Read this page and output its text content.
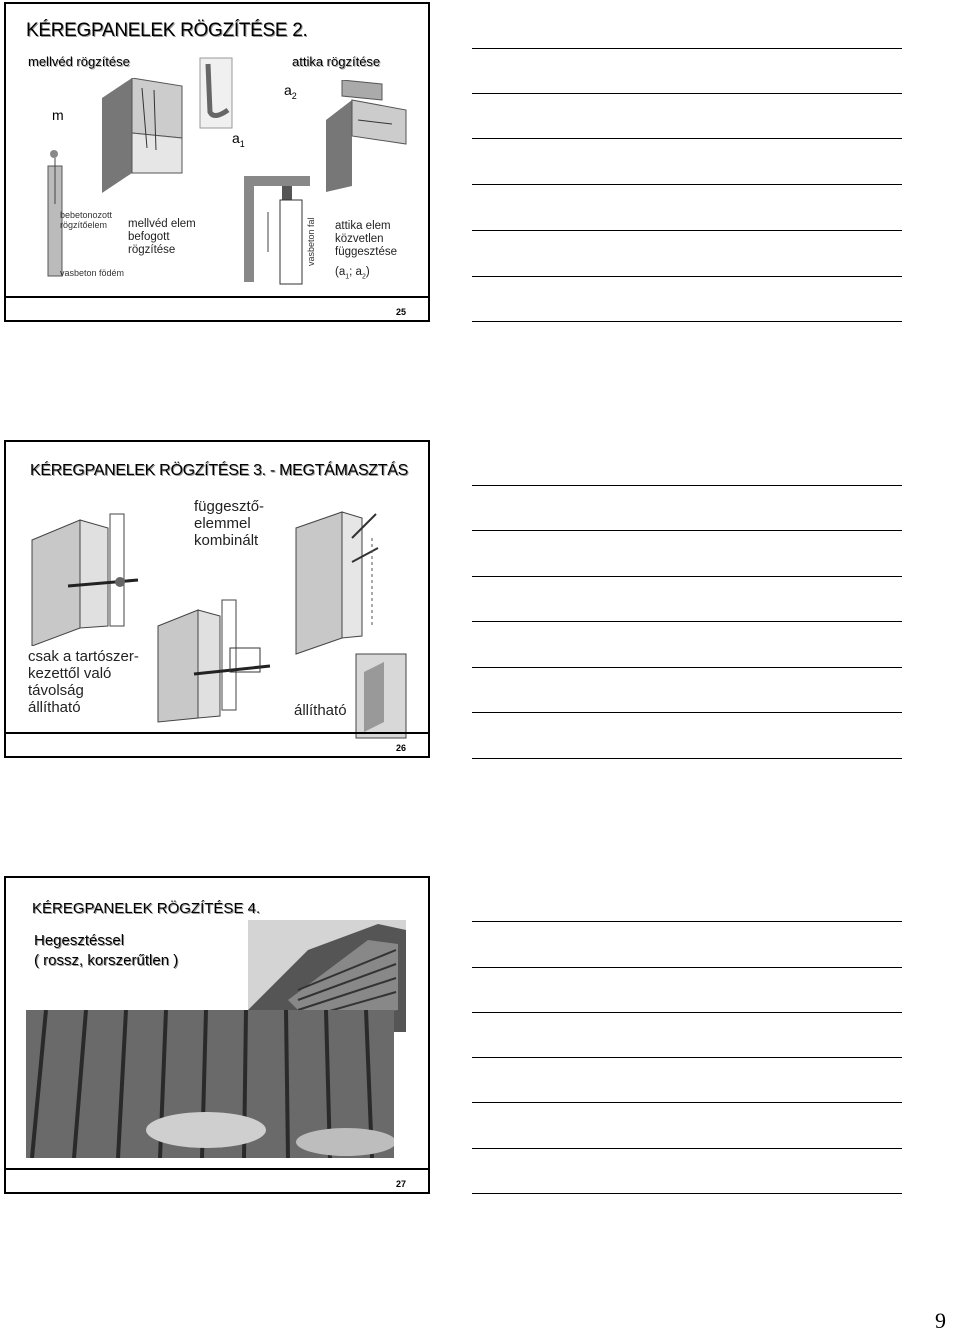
KÉREGPANELEK RÖGZÍTÉSE 2.
mellvéd rögzítése	attika rögzítése
m
$a_2$
$a_1$
bebetonozott
rögzítőelem
vasbeton födém
mellvéd elem
befogott
rögzítése	vasbeton fal attika elem
közvetlen
függesztése
($a_1$; $a_2$)
25
KÉREGPANELEK RÖGZÍTÉSE 3. - MEGTÁMASZTÁS
függesztő-
elemmel
kombinált
csak a tartószer-
kezettől való
távolság
állítható	állítható
26
KÉREGPANELEK RÖGZÍTÉSE 4.
Hegesztéssel
( rossz, korszerűtlen )
27
9
